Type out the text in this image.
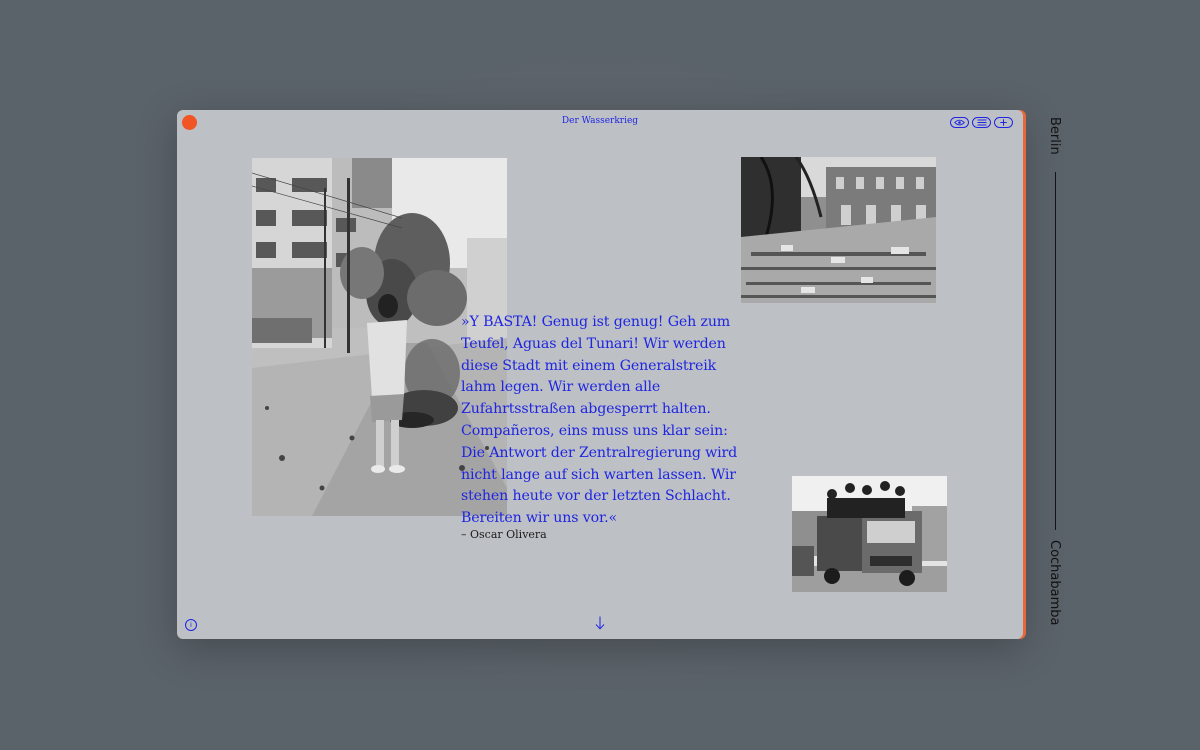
Der Wasserkrieg

»Y BASTA! Genug ist genug! Geh zum Teufel, Aguas del Tunari! Wir werden diese Stadt mit einem Generalstreik lahm legen. Wir werden alle Zufahrtsstraßen abgesperrt halten. Compañeros, eins muss uns klar sein: Die Antwort der Zentralregierung wird nicht lange auf sich warten lassen. Wir stehen heute vor der letzten Schlacht. Bereiten wir uns vor.«

– Oscar Olivera
i
Berlin
Cochabamba
